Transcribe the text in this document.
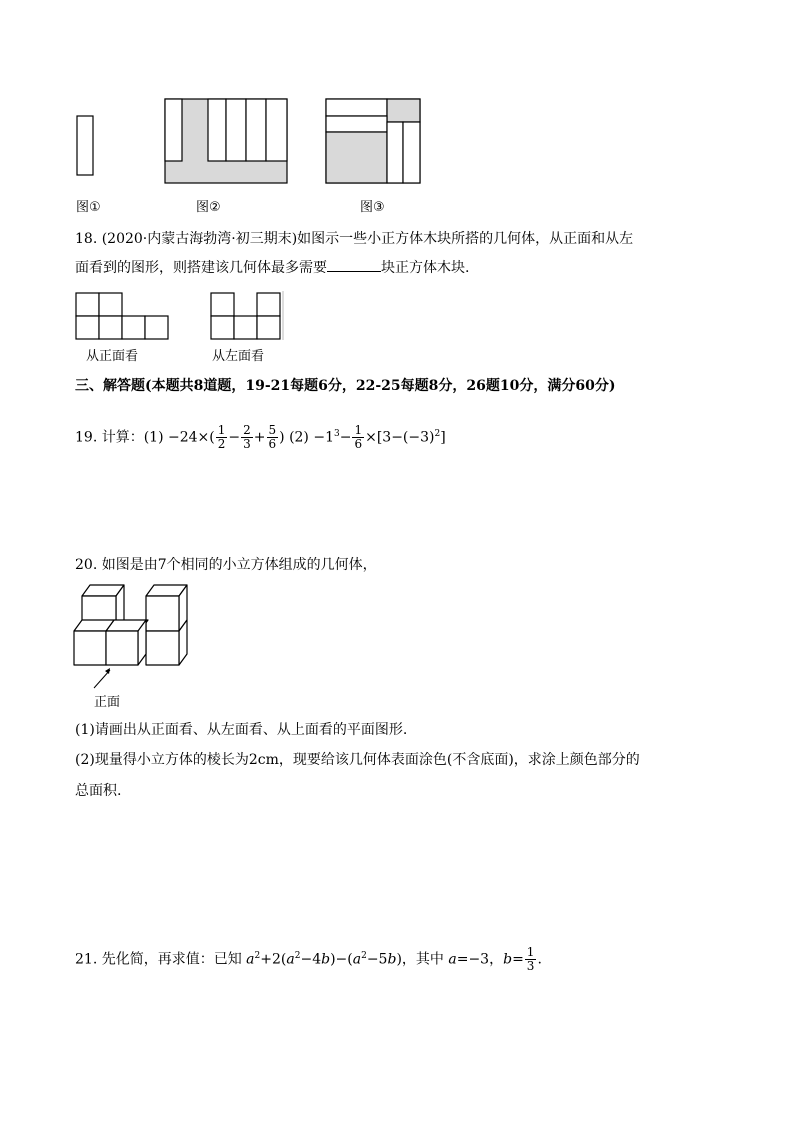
图①	图②	图③
18. (2020·内蒙古海勃湾·初三期末)如图示一些小正方体木块所搭的几何体，从正面和从左
面看到的图形，则搭建该几何体最多需要	块正方体木块.
从正面看	从左面看
三、解答题(本题共8道题，19-21每题6分，22-25每题8分，26题10分，满分60分)
19. 计算：$(1) -24\times( \frac{1}{2} - \frac{2}{3} + \frac{5}{6}$ ) $(2) -1^3- \frac{1}{6} \times[3-(-3)^2]$
20. 如图是由7个相同的小立方体组成的几何体，
正面
(1)请画出从正面看、从左面看、从上面看的平面图形.
(2)现量得小立方体的棱长为2cm，现要给该几何体表面涂色(不含底面)，求涂上颜色部分的
总面积.
21. 先化简，再求值：已知 $a^2+2(a^2-4b)-(a^2-5b)$，其中 a=−3，$b= \frac{1}{3}$ .
